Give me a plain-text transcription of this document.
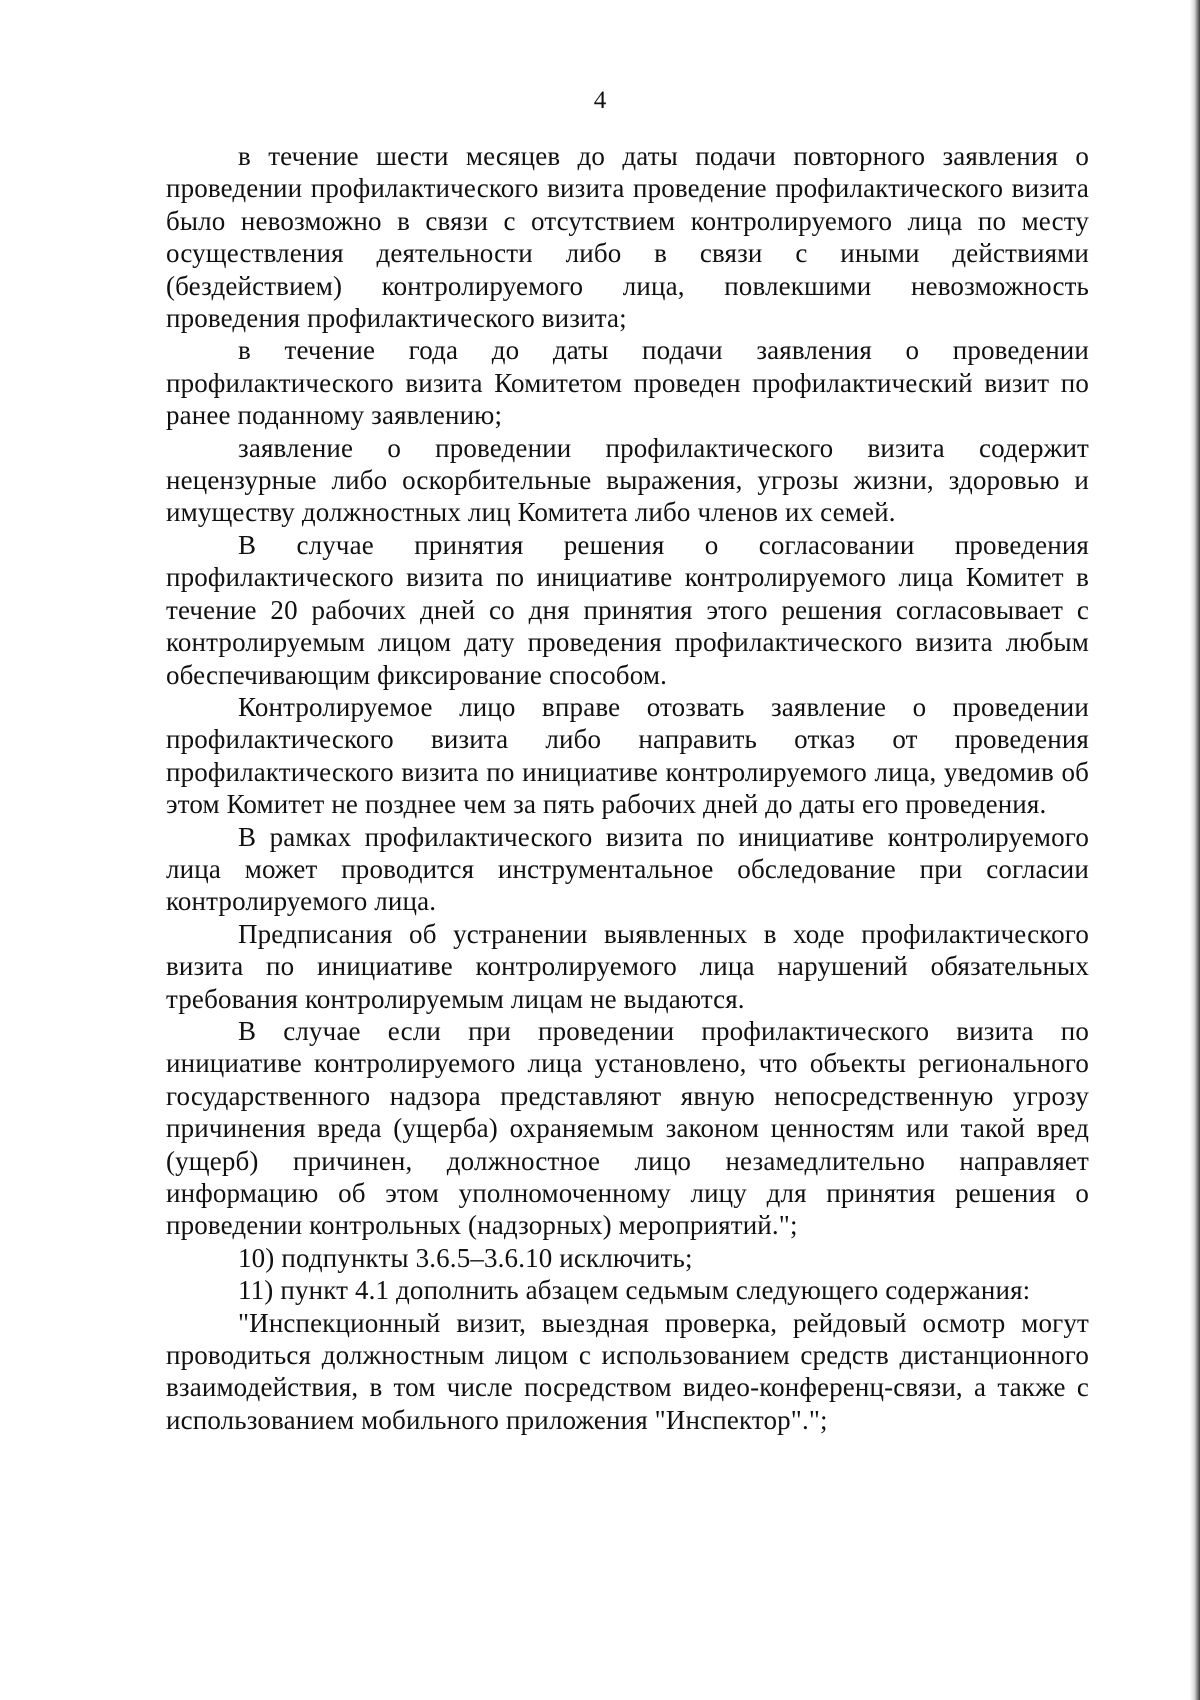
4

в течение шести месяцев до даты подачи повторного заявления о проведении профилактического визита проведение профилактического визита было невозможно в связи с отсутствием контролируемого лица по месту осуществления деятельности либо в связи с иными действиями (бездействием) контролируемого лица, повлекшими невозможность проведения профилактического визита;

в течение года до даты подачи заявления о проведении профилактического визита Комитетом проведен профилактический визит по ранее поданному заявлению;

заявление о проведении профилактического визита содержит нецензурные либо оскорбительные выражения, угрозы жизни, здоровью и имуществу должностных лиц Комитета либо членов их семей.

В случае принятия решения о согласовании проведения профилактического визита по инициативе контролируемого лица Комитет в течение 20 рабочих дней со дня принятия этого решения согласовывает с контролируемым лицом дату проведения профилактического визита любым обеспечивающим фиксирование способом.

Контролируемое лицо вправе отозвать заявление о проведении профилактического визита либо направить отказ от проведения профилактического визита по инициативе контролируемого лица, уведомив об этом Комитет не позднее чем за пять рабочих дней до даты его проведения.

В рамках профилактического визита по инициативе контролируемого лица может проводится инструментальное обследование при согласии контролируемого лица.

Предписания об устранении выявленных в ходе профилактического визита по инициативе контролируемого лица нарушений обязательных требования контролируемым лицам не выдаются.

В случае если при проведении профилактического визита по инициативе контролируемого лица установлено, что объекты регионального государственного надзора представляют явную непосредственную угрозу причинения вреда (ущерба) охраняемым законом ценностям или такой вред (ущерб) причинен, должностное лицо незамедлительно направляет информацию об этом уполномоченному лицу для принятия решения о проведении контрольных (надзорных) мероприятий.";

10) подпункты 3.6.5–3.6.10 исключить;

11) пункт 4.1 дополнить абзацем седьмым следующего содержания:

"Инспекционный визит, выездная проверка, рейдовый осмотр могут проводиться должностным лицом с использованием средств дистанционного взаимодействия, в том числе посредством видео-конференц-связи, а также с использованием мобильного приложения "Инспектор".";
